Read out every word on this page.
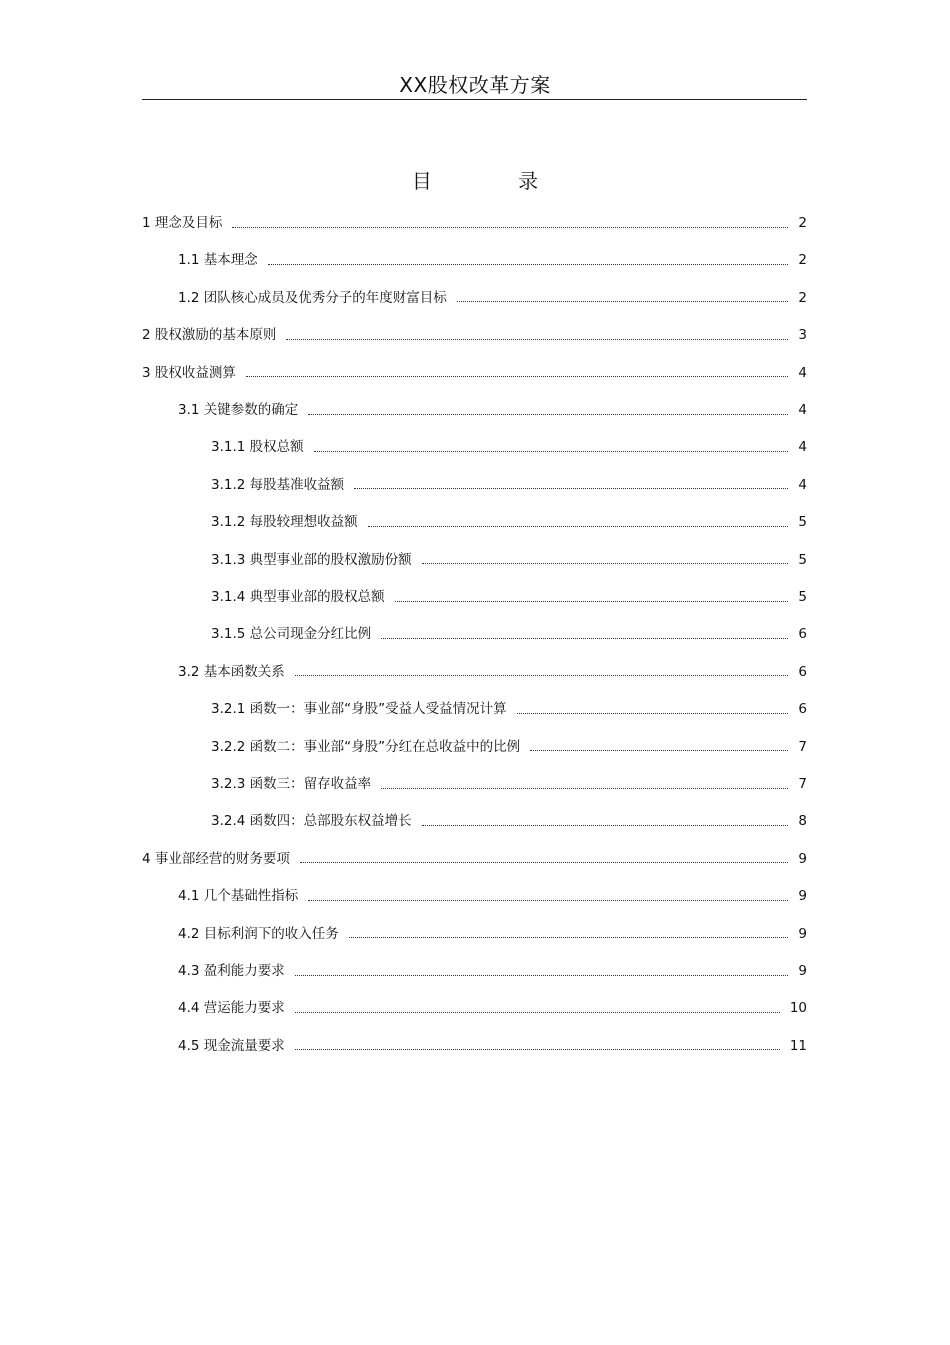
XX股权改革方案
目 录
1 理念及目标	2
1.1 基本理念	2
1.2 团队核心成员及优秀分子的年度财富目标	2
2 股权激励的基本原则	3
3 股权收益测算	4
3.1 关键参数的确定	4
3.1.1 股权总额	4
3.1.2 每股基准收益额	4
3.1.2 每股较理想收益额	5
3.1.3 典型事业部的股权激励份额	5
3.1.4 典型事业部的股权总额	5
3.1.5 总公司现金分红比例	6
3.2 基本函数关系	6
3.2.1 函数一：事业部“身股”受益人受益情况计算	6
3.2.2 函数二：事业部“身股”分红在总收益中的比例	7
3.2.3 函数三：留存收益率	7
3.2.4 函数四：总部股东权益增长	8
4 事业部经营的财务要项	9
4.1 几个基础性指标	9
4.2 目标利润下的收入任务	9
4.3 盈利能力要求	9
4.4 营运能力要求	10
4.5 现金流量要求	11
